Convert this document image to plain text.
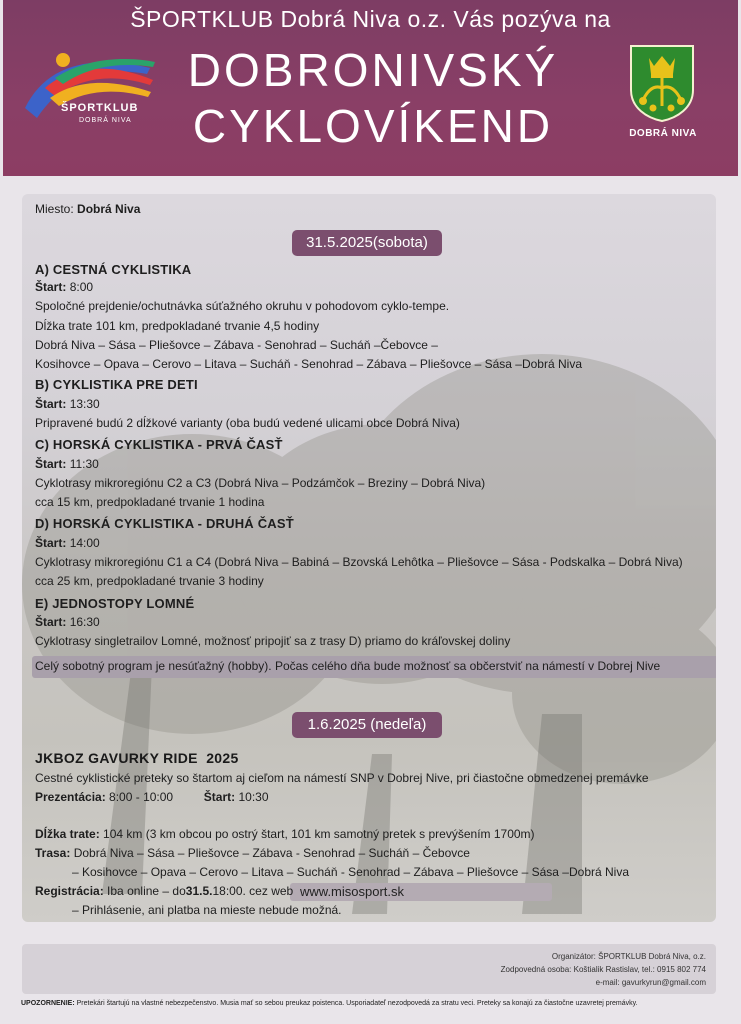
ŠPORTKLUB Dobrá Niva o.z. Vás pozýva na
DOBRONIVSKÝ
CYKLOVÍKEND
ŠPORTKLUB
DOBRÁ NIVA
DOBRÁ NIVA
Miesto: Dobrá Niva
31.5.2025(sobota)
A) CESTNÁ CYKLISTIKA
Štart: 8:00
Spoločné prejdenie/ochutnávka súťažného okruhu v pohodovom cyklo-tempe.
Dĺžka trate 101 km, predpokladané trvanie 4,5 hodiny
Dobrá Niva – Sása – Pliešovce – Zábava - Senohrad – Sucháň –Čebovce –
Kosihovce – Opava – Cerovo – Litava – Sucháň - Senohrad – Zábava – Pliešovce – Sása –Dobrá Niva
B) CYKLISTIKA PRE DETI
Štart: 13:30
Pripravené budú 2 dĺžkové varianty (oba budú vedené ulicami obce Dobrá Niva)
C) HORSKÁ CYKLISTIKA - PRVÁ ČASŤ
Štart: 11:30
Cyklotrasy mikroregiónu C2 a C3 (Dobrá Niva – Podzámčok – Breziny – Dobrá Niva)
cca 15 km, predpokladané trvanie 1 hodina
D) HORSKÁ CYKLISTIKA - DRUHÁ ČASŤ
Štart: 14:00
Cyklotrasy mikroregiónu C1 a C4 (Dobrá Niva – Babiná – Bzovská Lehôtka – Pliešovce – Sása - Podskalka – Dobrá Niva)
cca 25 km, predpokladané trvanie 3 hodiny
E) JEDNOSTOPY LOMNÉ
Štart: 16:30
Cyklotrasy singletrailov Lomné, možnosť pripojiť sa z trasy D) priamo do kráľovskej doliny
Celý sobotný program je nesúťažný (hobby). Počas celého dňa bude možnosť sa občerstviť na námestí v Dobrej Nive
1.6.2025 (nedeľa)
JKBOZ GAVURKY RIDE 2025
Cestné cyklistické preteky so štartom aj cieľom na námestí SNP v Dobrej Nive, pri čiastočne obmedzenej premávke
Prezentácia: 8:00 - 10:00	Štart: 10:30
Dĺžka trate: 104 km (3 km obcou po ostrý štart, 101 km samotný pretek s prevýšením 1700m)
Trasa: Dobrá Niva – Sása – Pliešovce – Zábava - Senohrad – Sucháň – Čebovce
– Kosihovce – Opava – Cerovo – Litava – Sucháň - Senohrad – Zábava – Pliešovce – Sása –Dobrá Niva
www.misosport.sk
Registrácia: Iba online – do31.5.18:00. cez web
– Prihlásenie, ani platba na mieste nebude možná.
Organizátor: ŠPORTKLUB Dobrá Niva, o.z.
Zodpovedná osoba: Koštialik Rastislav, tel.: 0915 802 774
e-mail: gavurkyrun@gmail.com
UPOZORNENIE: Pretekári štartujú na vlastné nebezpečenstvo. Musia mať so sebou preukaz poistenca. Usporiadateľ nezodpovedá za stratu veci. Preteky sa konajú za čiastočne uzavretej premávky.
